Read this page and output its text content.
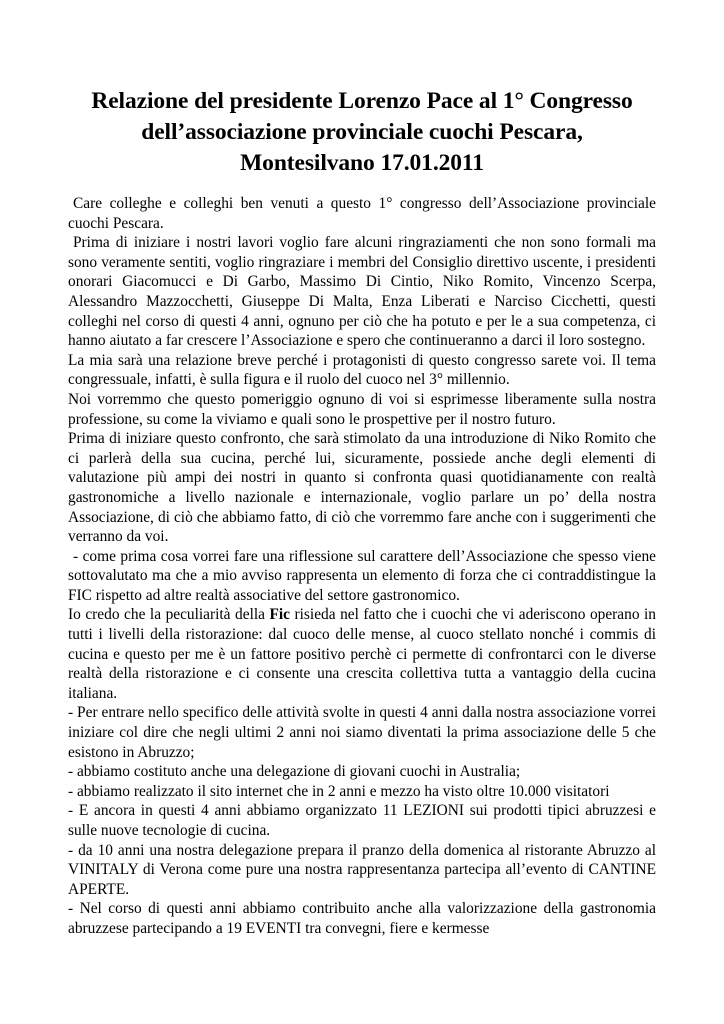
Relazione del presidente Lorenzo Pace al 1° Congresso
dell’associazione provinciale cuochi Pescara,
Montesilvano 17.01.2011

Care colleghe e colleghi ben venuti a questo 1° congresso dell’Associazione provinciale cuochi Pescara.

Prima di iniziare i nostri lavori voglio fare alcuni ringraziamenti che non sono formali ma sono veramente sentiti, voglio ringraziare i membri del Consiglio direttivo uscente, i presidenti onorari Giacomucci e Di Garbo, Massimo Di Cintio, Niko Romito, Vincenzo Scerpa, Alessandro Mazzocchetti, Giuseppe Di Malta, Enza Liberati e Narciso Cicchetti, questi colleghi nel corso di questi 4 anni, ognuno per ciò che ha potuto e per le a sua competenza, ci hanno aiutato a far crescere l’Associazione e spero che continueranno a darci il loro sostegno.

La mia sarà una relazione breve perché i protagonisti di questo congresso sarete voi. Il tema congressuale, infatti, è sulla figura e il ruolo del cuoco nel 3° millennio.

Noi vorremmo che questo pomeriggio ognuno di voi si esprimesse liberamente sulla nostra professione, su come la viviamo e quali sono le prospettive per il nostro futuro.

Prima di iniziare questo confronto, che sarà stimolato da una introduzione di Niko Romito che ci parlerà della sua cucina, perché lui, sicuramente, possiede anche degli elementi di valutazione più ampi dei nostri in quanto si confronta quasi quotidianamente con realtà gastronomiche a livello nazionale e internazionale, voglio parlare un po’ della nostra Associazione, di ciò che abbiamo fatto, di ciò che vorremmo fare anche con i suggerimenti che verranno da voi.

- come prima cosa vorrei fare una riflessione sul carattere dell’Associazione che spesso viene sottovalutato ma che a mio avviso rappresenta un elemento di forza che ci contraddistingue la FIC rispetto ad altre realtà associative del settore gastronomico.

Io credo che la peculiarità della Fic risieda nel fatto che i cuochi che vi aderiscono operano in tutti i livelli della ristorazione: dal cuoco delle mense, al cuoco stellato nonché i commis di cucina e questo per me è un fattore positivo perchè ci permette di confrontarci con le diverse realtà della ristorazione e ci consente una crescita collettiva tutta a vantaggio della cucina italiana.

- Per entrare nello specifico delle attività svolte in questi 4 anni dalla nostra associazione vorrei iniziare col dire che negli ultimi 2 anni noi siamo diventati la prima associazione delle 5 che esistono in Abruzzo;

- abbiamo costituto anche una delegazione di giovani cuochi in Australia;

- abbiamo realizzato il sito internet che in 2 anni e mezzo ha visto oltre 10.000 visitatori

- E ancora in questi 4 anni abbiamo organizzato 11 LEZIONI sui prodotti tipici abruzzesi e sulle nuove tecnologie di cucina.

- da 10 anni una nostra delegazione prepara il pranzo della domenica al ristorante Abruzzo al VINITALY di Verona come pure una nostra rappresentanza partecipa all’evento di CANTINE APERTE.

- Nel corso di questi anni abbiamo contribuito anche alla valorizzazione della gastronomia abruzzese partecipando a 19 EVENTI tra convegni, fiere e kermesse
